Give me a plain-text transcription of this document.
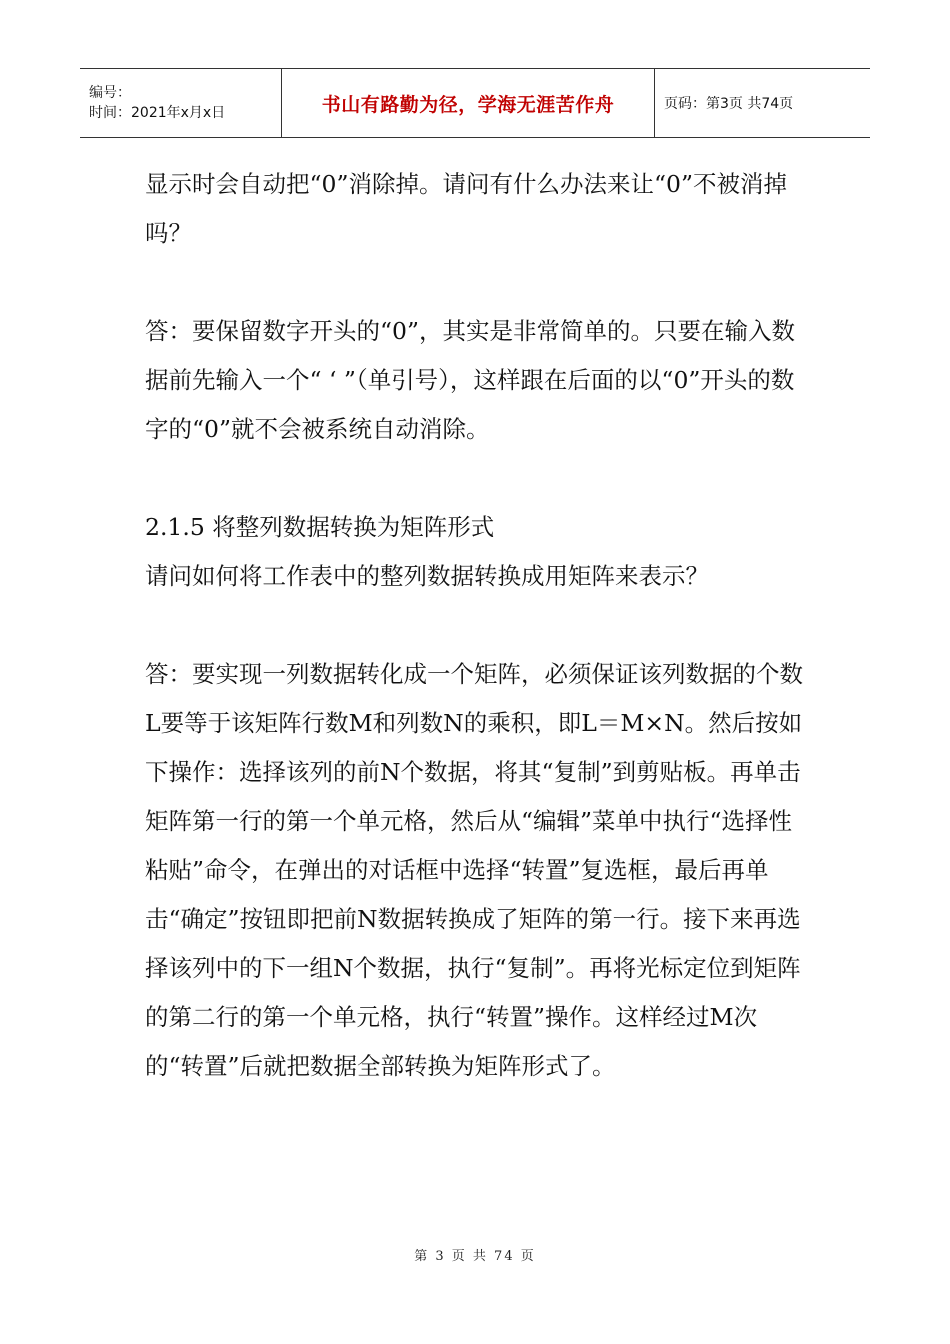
编号：
时间：2021年x月x日	书山有路勤为径，学海无涯苦作舟	页码：第3页 共74页

显示时会自动把“0”消除掉。请问有什么办法来让“0”不被消掉吗？

答：要保留数字开头的“0”，其实是非常简单的。只要在输入数据前先输入一个“ ‘ ”（单引号），这样跟在后面的以“0”开头的数字的“0”就不会被系统自动消除。

2.1.5 将整列数据转换为矩阵形式

请问如何将工作表中的整列数据转换成用矩阵来表示？

答：要实现一列数据转化成一个矩阵，必须保证该列数据的个数L要等于该矩阵行数M和列数N的乘积，即L＝M×N。然后按如下操作：选择该列的前N个数据，将其“复制”到剪贴板。再单击矩阵第一行的第一个单元格，然后从“编辑”菜单中执行“选择性粘贴”命令，在弹出的对话框中选择“转置”复选框，最后再单击“确定”按钮即把前N数据转换成了矩阵的第一行。接下来再选择该列中的下一组N个数据，执行“复制”。再将光标定位到矩阵的第二行的第一个单元格，执行“转置”操作。这样经过M次的“转置”后就把数据全部转换为矩阵形式了。

第 3 页 共 74 页
